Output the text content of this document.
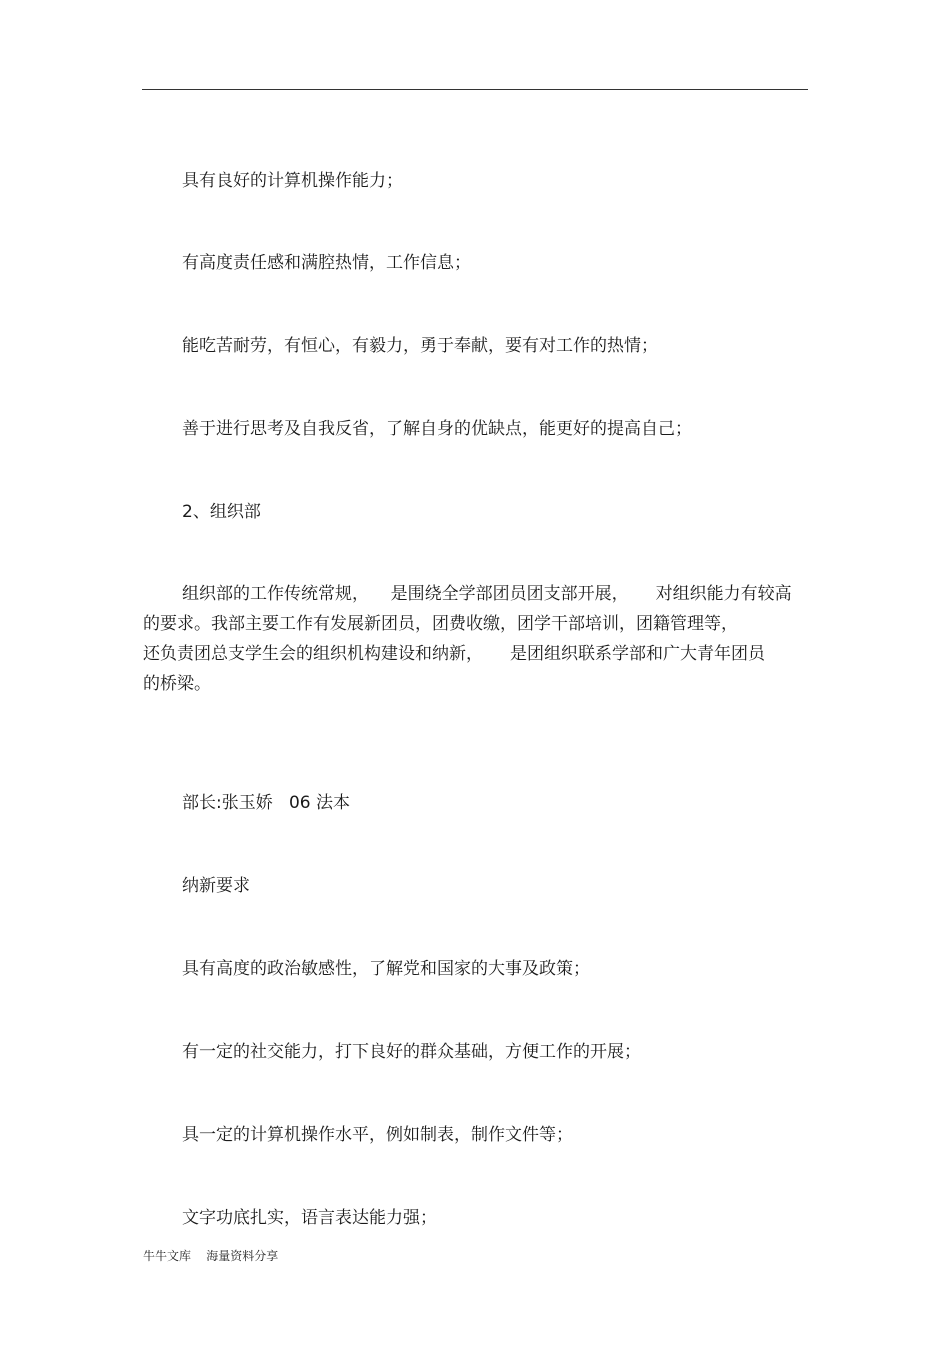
具有良好的计算机操作能力；
有高度责任感和满腔热情，工作信息；
能吃苦耐劳，有恒心，有毅力，勇于奉献，要有对工作的热情；
善于进行思考及自我反省，了解自身的优缺点，能更好的提高自己；
2、组织部
组织部的工作传统常规，    是围绕全学部团员团支部开展，     对组织能力有较高
的要求。我部主要工作有发展新团员，团费收缴，团学干部培训，团籍管理等，
还负责团总支学生会的组织机构建设和纳新，     是团组织联系学部和广大青年团员
的桥梁。
部长:张玉娇   06 法本
纳新要求
具有高度的政治敏感性，了解党和国家的大事及政策；
有一定的社交能力，打下良好的群众基础，方便工作的开展；
具一定的计算机操作水平，例如制表，制作文件等；
文字功底扎实，语言表达能力强；
牛牛文库    海量资料分享
